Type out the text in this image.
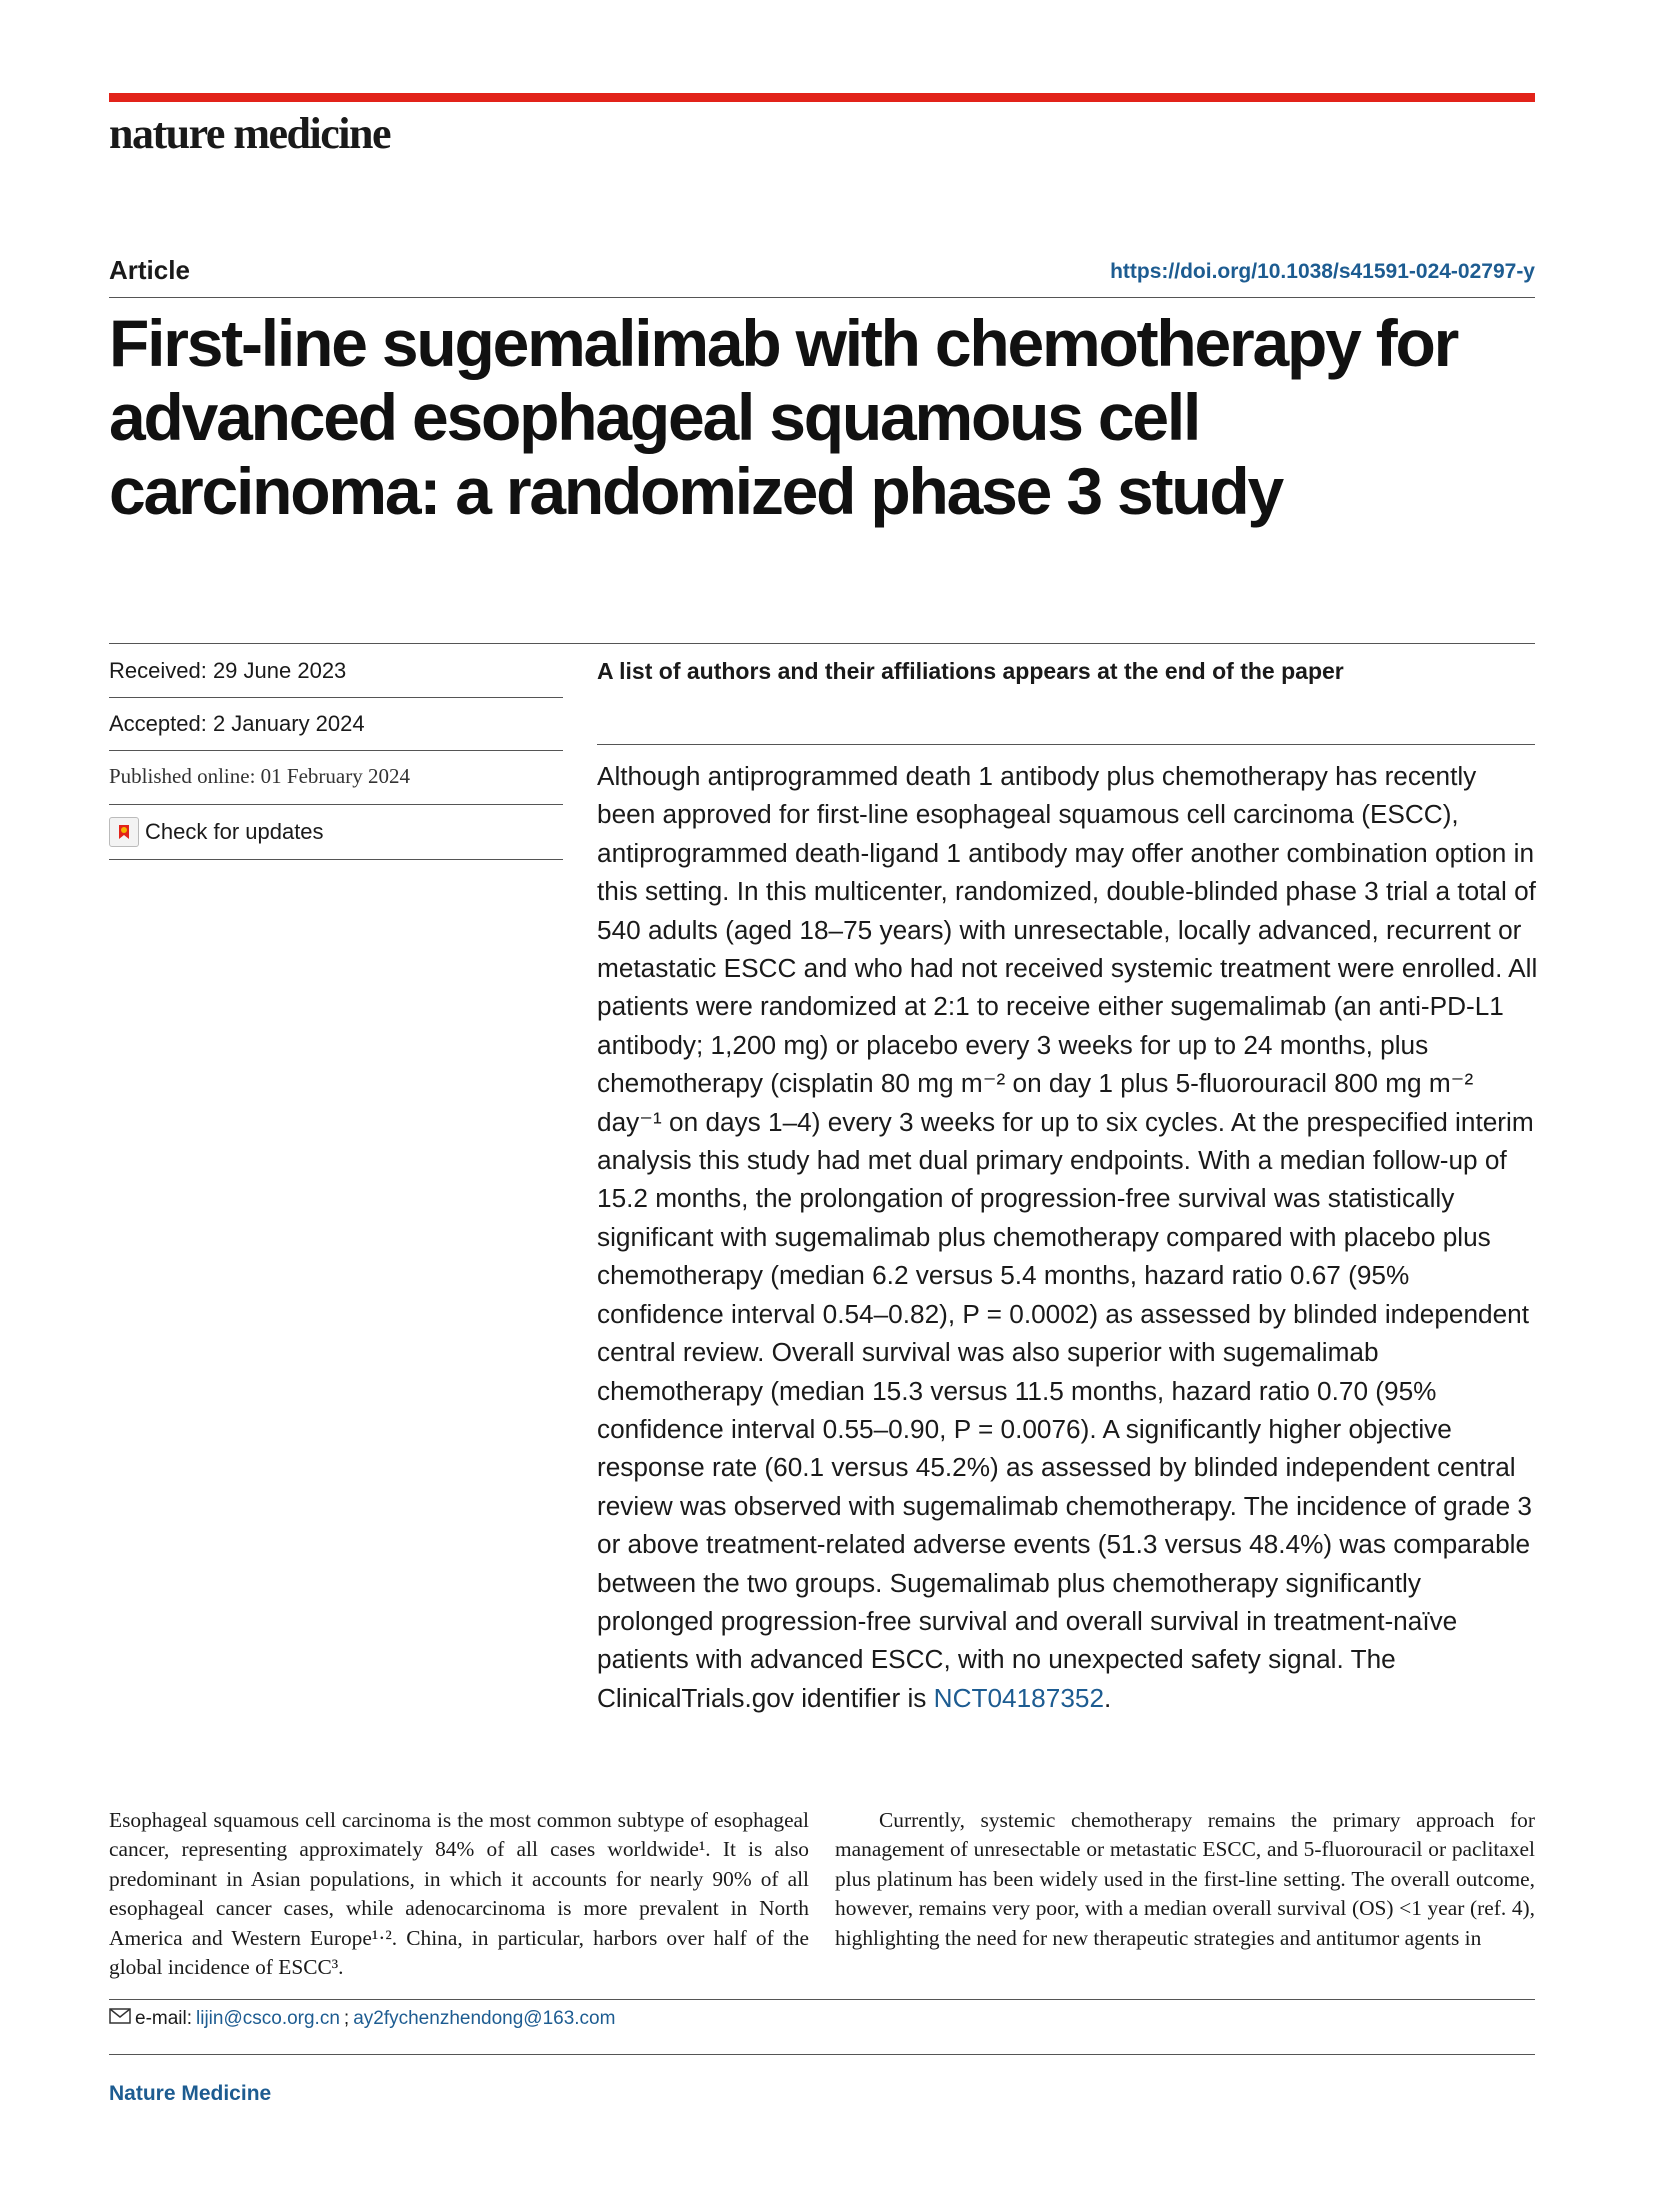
nature medicine
Article	https://doi.org/10.1038/s41591-024-02797-y
First-line sugemalimab with chemotherapy for advanced esophageal squamous cell carcinoma: a randomized phase 3 study
Received: 29 June 2023
Accepted: 2 January 2024
Published online: 01 February 2024
Check for updates
A list of authors and their affiliations appears at the end of the paper

Although antiprogrammed death 1 antibody plus chemotherapy has recently been approved for first-line esophageal squamous cell carcinoma (ESCC), antiprogrammed death-ligand 1 antibody may offer another combination option in this setting. In this multicenter, randomized, double-blinded phase 3 trial a total of 540 adults (aged 18–75 years) with unresectable, locally advanced, recurrent or metastatic ESCC and who had not received systemic treatment were enrolled. All patients were randomized at 2:1 to receive either sugemalimab (an anti-PD-L1 antibody; 1,200 mg) or placebo every 3 weeks for up to 24 months, plus chemotherapy (cisplatin 80 mg m⁻² on day 1 plus 5-fluorouracil 800 mg m⁻² day⁻¹ on days 1–4) every 3 weeks for up to six cycles. At the prespecified interim analysis this study had met dual primary endpoints. With a median follow-up of 15.2 months, the prolongation of progression-free survival was statistically significant with sugemalimab plus chemotherapy compared with placebo plus chemotherapy (median 6.2 versus 5.4 months, hazard ratio 0.67 (95% confidence interval 0.54–0.82), P = 0.0002) as assessed by blinded independent central review. Overall survival was also superior with sugemalimab chemotherapy (median 15.3 versus 11.5 months, hazard ratio 0.70 (95% confidence interval 0.55–0.90, P = 0.0076). A significantly higher objective response rate (60.1 versus 45.2%) as assessed by blinded independent central review was observed with sugemalimab chemotherapy. The incidence of grade 3 or above treatment-related adverse events (51.3 versus 48.4%) was comparable between the two groups. Sugemalimab plus chemotherapy significantly prolonged progression-free survival and overall survival in treatment-naïve patients with advanced ESCC, with no unexpected safety signal. The ClinicalTrials.gov identifier is NCT04187352.

Esophageal squamous cell carcinoma is the most common subtype of esophageal cancer, representing approximately 84% of all cases worldwide¹. It is also predominant in Asian populations, in which it accounts for nearly 90% of all esophageal cancer cases, while adenocarcinoma is more prevalent in North America and Western Europe¹·². China, in particular, harbors over half of the global incidence of ESCC³.

Currently, systemic chemotherapy remains the primary approach for management of unresectable or metastatic ESCC, and 5-fluorouracil or paclitaxel plus platinum has been widely used in the first-line setting. The overall outcome, however, remains very poor, with a median overall survival (OS) <1 year (ref. 4), highlighting the need for new therapeutic strategies and antitumor agents in

e-mail: lijin@csco.org.cn ; ay2fychenzhendong@163.com
Nature Medicine
